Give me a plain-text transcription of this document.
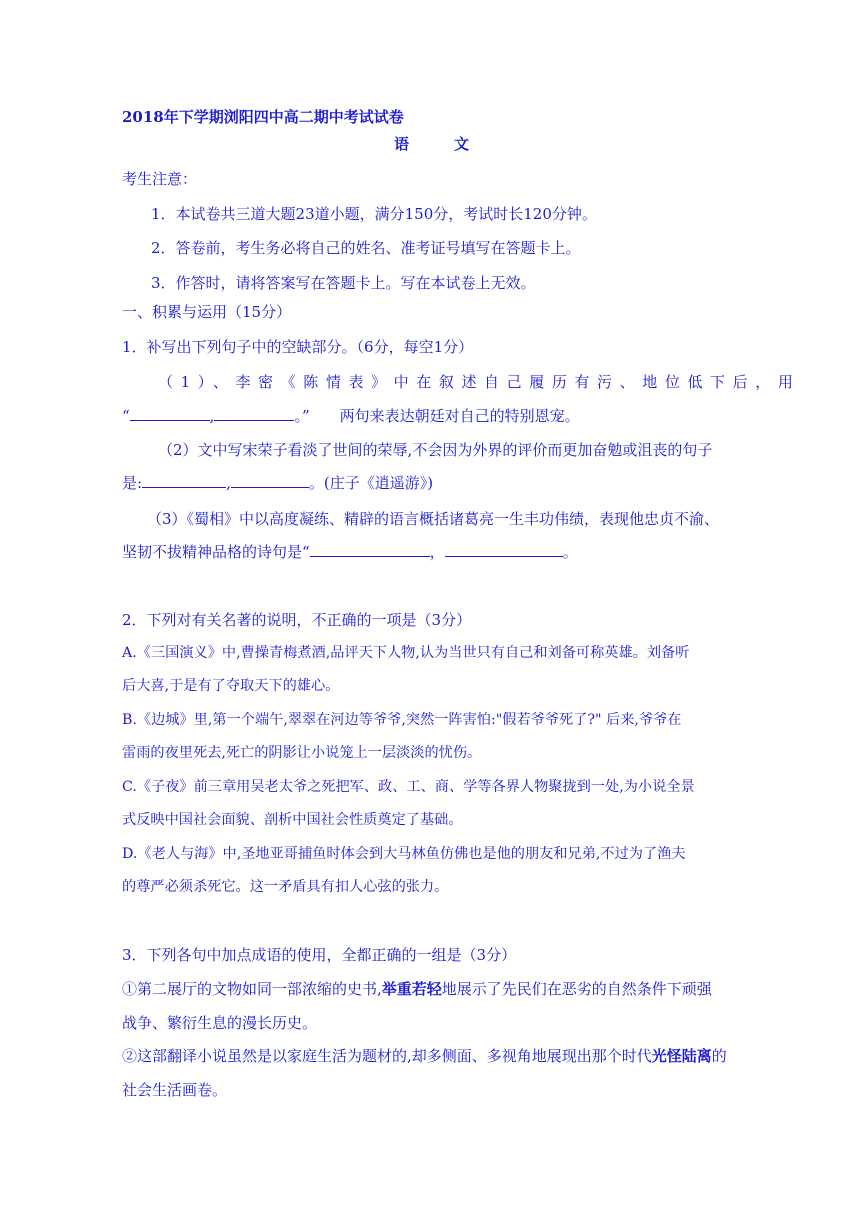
2018年下学期浏阳四中高二期中考试试卷
语　　　文
考生注意：
1．本试卷共三道大题23道小题，满分150分，考试时长120分钟。
2．答卷前，考生务必将自己的姓名、准考证号填写在答题卡上。
3．作答时，请将答案写在答题卡上。写在本试卷上无效。
一、积累与运用（15分）
1．补写出下列句子中的空缺部分。（6分，每空1分）
（1）、李密《陈情表》中在叙述自己履历有污、地位低下后，用
“	,	。”　　两句来表达朝廷对自己的特别恩宠。
（2）文中写宋荣子看淡了世间的荣辱,不会因为外界的评价而更加奋勉或沮丧的句子
是:	,	。(庄子《逍遥游》)
（3）《蜀相》中以高度凝练、精辟的语言概括诸葛亮一生丰功伟绩，表现他忠贞不渝、
坚韧不拔精神品格的诗句是“	，	。
2．下列对有关名著的说明，不正确的一项是（3分）
A.《三国演义》中,曹操青梅煮酒,品评天下人物,认为当世只有自己和刘备可称英雄。刘备听
后大喜,于是有了夺取天下的雄心。
B.《边城》里,第一个端午,翠翠在河边等爷爷,突然一阵害怕:"假若爷爷死了?" 后来,爷爷在
雷雨的夜里死去,死亡的阴影让小说笼上一层淡淡的忧伤。
C.《子夜》前三章用吴老太爷之死把军、政、工、商、学等各界人物聚拢到一处,为小说全景
式反映中国社会面貌、剖析中国社会性质奠定了基础。
D.《老人与海》中,圣地亚哥捕鱼时体会到大马林鱼仿佛也是他的朋友和兄弟,不过为了渔夫
的尊严必须杀死它。这一矛盾具有扣人心弦的张力。
3．下列各句中加点成语的使用，全都正确的一组是（3分）
①第二展厅的文物如同一部浓缩的史书,举重若轻地展示了先民们在恶劣的自然条件下顽强
战争、繁衍生息的漫长历史。
②这部翻译小说虽然是以家庭生活为题材的,却多侧面、多视角地展现出那个时代光怪陆离的
社会生活画卷。
